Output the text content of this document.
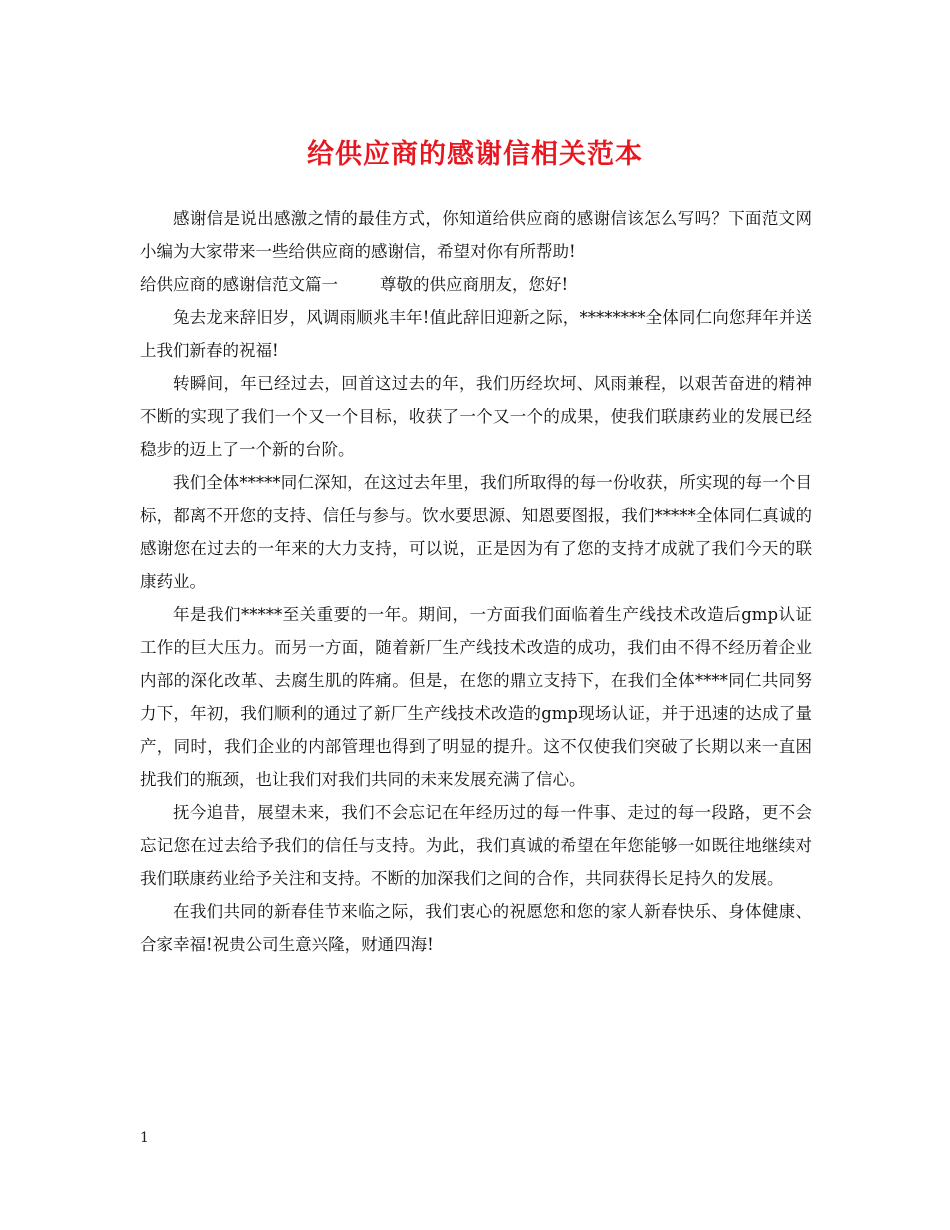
给供应商的感谢信相关范本

感谢信是说出感激之情的最佳方式，你知道给供应商的感谢信该怎么写吗？下面范文网小编为大家带来一些给供应商的感谢信，希望对你有所帮助!

给供应商的感谢信范文篇一	尊敬的供应商朋友，您好!

兔去龙来辞旧岁，风调雨顺兆丰年!值此辞旧迎新之际，********全体同仁向您拜年并送上我们新春的祝福!

转瞬间，年已经过去，回首这过去的年，我们历经坎坷、风雨兼程，以艰苦奋进的精神不断的实现了我们一个又一个目标，收获了一个又一个的成果，使我们联康药业的发展已经稳步的迈上了一个新的台阶。

我们全体*****同仁深知，在这过去年里，我们所取得的每一份收获，所实现的每一个目标，都离不开您的支持、信任与参与。饮水要思源、知恩要图报，我们*****全体同仁真诚的感谢您在过去的一年来的大力支持，可以说，正是因为有了您的支持才成就了我们今天的联康药业。

年是我们*****至关重要的一年。期间，一方面我们面临着生产线技术改造后gmp认证工作的巨大压力。而另一方面，随着新厂生产线技术改造的成功，我们由不得不经历着企业内部的深化改革、去腐生肌的阵痛。但是，在您的鼎立支持下，在我们全体****同仁共同努力下，年初，我们顺利的通过了新厂生产线技术改造的gmp现场认证，并于迅速的达成了量产，同时，我们企业的内部管理也得到了明显的提升。这不仅使我们突破了长期以来一直困扰我们的瓶颈，也让我们对我们共同的未来发展充满了信心。

抚今追昔，展望未来，我们不会忘记在年经历过的每一件事、走过的每一段路，更不会忘记您在过去给予我们的信任与支持。为此，我们真诚的希望在年您能够一如既往地继续对我们联康药业给予关注和支持。不断的加深我们之间的合作，共同获得长足持久的发展。

在我们共同的新春佳节来临之际，我们衷心的祝愿您和您的家人新春快乐、身体健康、合家幸福!祝贵公司生意兴隆，财通四海!

1
